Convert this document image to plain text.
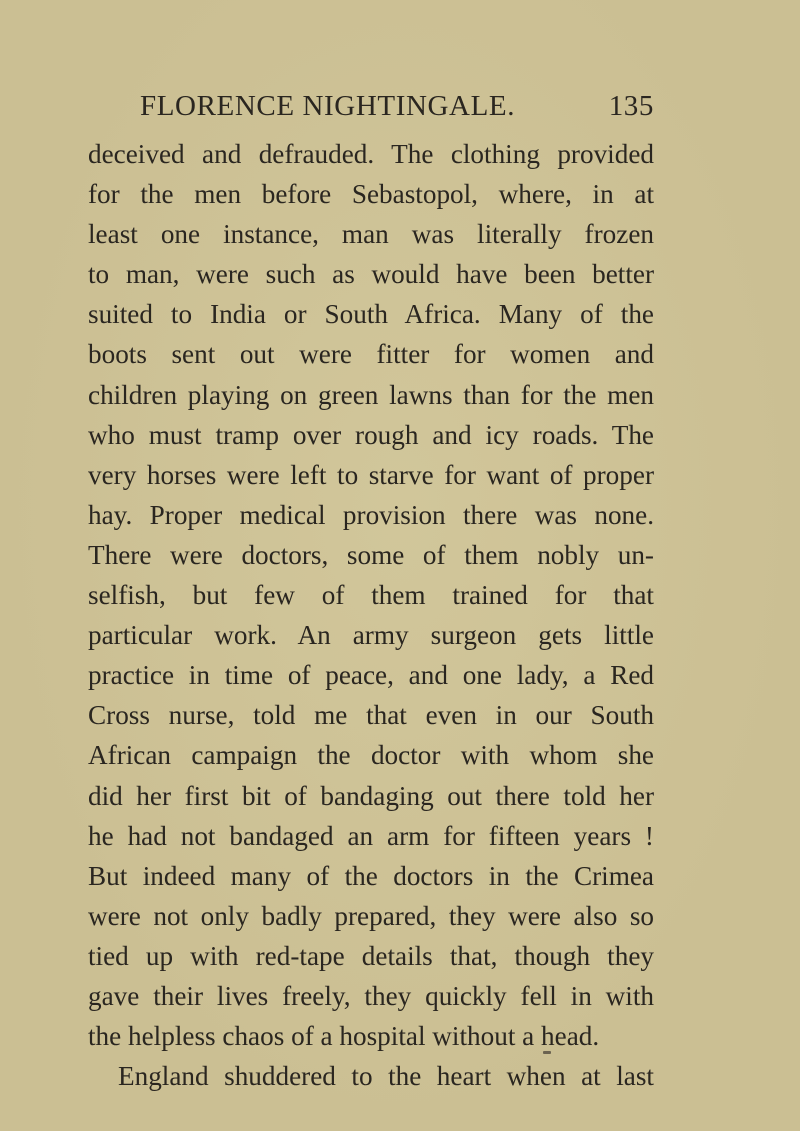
FLORENCE NIGHTINGALE.	135
deceived and defrauded. The clothing provided
for the men before Sebastopol, where, in at
least one instance, man was literally frozen
to man, were such as would have been better
suited to India or South Africa. Many of the
boots sent out were fitter for women and
children playing on green lawns than for the men
who must tramp over rough and icy roads. The
very horses were left to starve for want of proper
hay. Proper medical provision there was none.
There were doctors, some of them nobly un-
selfish, but few of them trained for that
particular work. An army surgeon gets little
practice in time of peace, and one lady, a Red
Cross nurse, told me that even in our South
African campaign the doctor with whom she
did her first bit of bandaging out there told her
he had not bandaged an arm for fifteen years !
But indeed many of the doctors in the Crimea
were not only badly prepared, they were also so
tied up with red-tape details that, though they
gave their lives freely, they quickly fell in with
the helpless chaos of a hospital without a head.
England shuddered to the heart when at last
